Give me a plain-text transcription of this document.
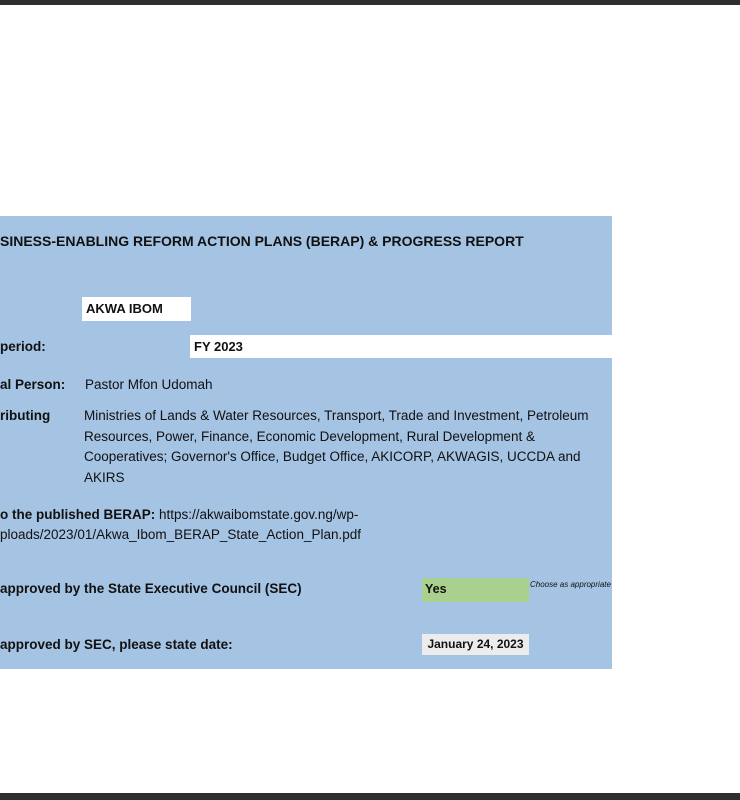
SINESS-ENABLING REFORM ACTION PLANS (BERAP) & PROGRESS REPORT
AKWA IBOM
period:	FY 2023
al Person: Pastor Mfon Udomah
ributing	Ministries of Lands & Water Resources, Transport, Trade and Investment, Petroleum Resources, Power, Finance, Economic Development, Rural Development & Cooperatives; Governor's Office, Budget Office, AKICORP, AKWAGIS, UCCDA and AKIRS
o the published BERAP: https://akwaibomstate.gov.ng/wp-ploads/2023/01/Akwa_Ibom_BERAP_State_Action_Plan.pdf
approved by the State Executive Council (SEC)	Yes	Choose as appropriate
approved by SEC, please state date:	January 24, 2023
